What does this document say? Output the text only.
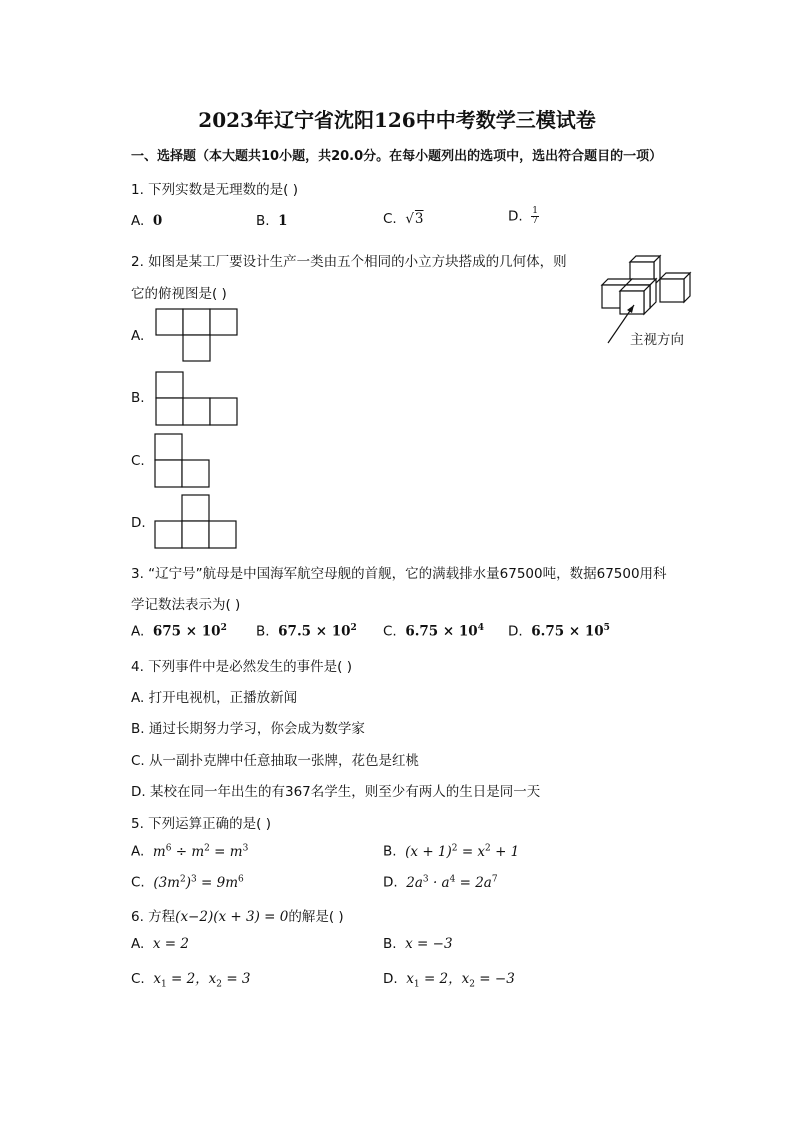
2023年辽宁省沈阳126中中考数学三模试卷
一、选择题（本大题共10小题，共20.0分。在每小题列出的选项中，选出符合题目的一项）
1. 下列实数是无理数的是( )
A. 0	B. 1	C. √3	D. $\frac{1}{7}$
2. 如图是某工厂要设计生产一类由五个相同的小立方块搭成的几何体，则
它的俯视图是( )
主视方向
A.
B.
C.
D.
3. “辽宁号”航母是中国海军航空母舰的首舰，它的满载排水量67500吨，数据67500用科
学记数法表示为( )
A. $675 \times 10^2$ B. $67.5 \times 10^2$ C. $6.75 \times 10^4$ D. $6.75 \times 10^5$
4. 下列事件中是必然发生的事件是( )
A. 打开电视机，正播放新闻
B. 通过长期努力学习，你会成为数学家
C. 从一副扑克牌中任意抽取一张牌，花色是红桃
D. 某校在同一年出生的有367名学生，则至少有两人的生日是同一天
5. 下列运算正确的是( )
A. $m^6 \div m^2 = m^3$	B. $(x + 1)^2 = x^2 + 1$
C. $(3m^2)^3 = 9m^6$	D. $2a^3 \cdot a^4 = 2a^7$
6. 方程(x−2)(x + 3) = 0的解是( )
A. x = 2	B. x = −3
C. $x_1 = 2$，$x_2 = 3$	D. $x_1 = 2$，$x_2 = -3$
